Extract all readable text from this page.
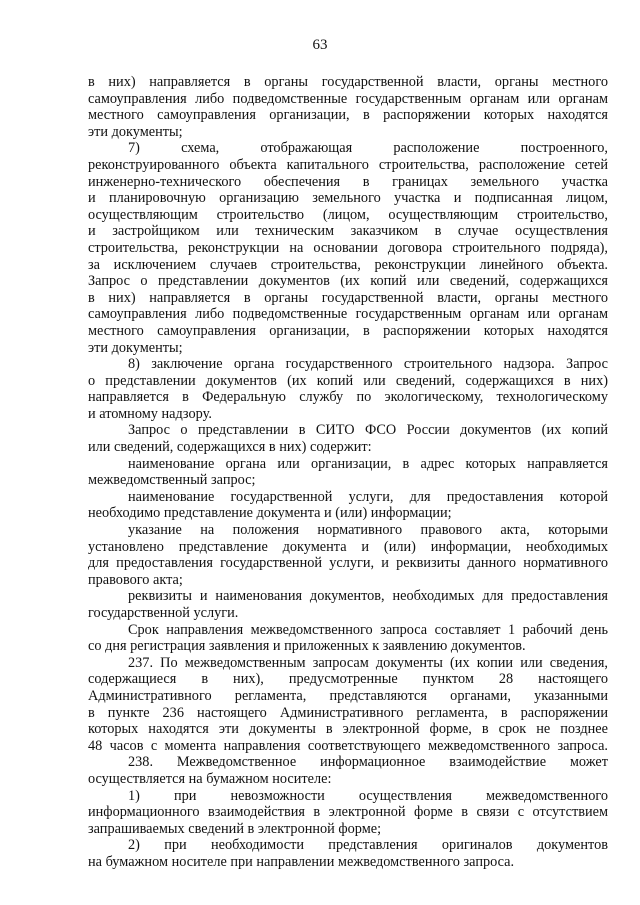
63
в них) направляется в органы государственной власти, органы местного
самоуправления либо подведомственные государственным органам или органам
местного самоуправления организации, в распоряжении которых находятся
эти документы;
7) схема, отображающая расположение построенного,
реконструированного объекта капитального строительства, расположение сетей
инженерно-технического обеспечения в границах земельного участка
и планировочную организацию земельного участка и подписанная лицом,
осуществляющим строительство (лицом, осуществляющим строительство,
и застройщиком или техническим заказчиком в случае осуществления
строительства, реконструкции на основании договора строительного подряда),
за исключением случаев строительства, реконструкции линейного объекта.
Запрос о представлении документов (их копий или сведений, содержащихся
в них) направляется в органы государственной власти, органы местного
самоуправления либо подведомственные государственным органам или органам
местного самоуправления организации, в распоряжении которых находятся
эти документы;
8) заключение органа государственного строительного надзора. Запрос
о представлении документов (их копий или сведений, содержащихся в них)
направляется в Федеральную службу по экологическому, технологическому
и атомному надзору.
Запрос о представлении в СИТО ФСО России документов (их копий
или сведений, содержащихся в них) содержит:
наименование органа или организации, в адрес которых направляется
межведомственный запрос;
наименование государственной услуги, для предоставления которой
необходимо представление документа и (или) информации;
указание на положения нормативного правового акта, которыми
установлено представление документа и (или) информации, необходимых
для предоставления государственной услуги, и реквизиты данного нормативного
правового акта;
реквизиты и наименования документов, необходимых для предоставления
государственной услуги.
Срок направления межведомственного запроса составляет 1 рабочий день
со дня регистрация заявления и приложенных к заявлению документов.
237. По межведомственным запросам документы (их копии или сведения,
содержащиеся в них), предусмотренные пунктом 28 настоящего
Административного регламента, представляются органами, указанными
в пункте 236 настоящего Административного регламента, в распоряжении
которых находятся эти документы в электронной форме, в срок не позднее
48 часов с момента направления соответствующего межведомственного запроса.
238. Межведомственное информационное взаимодействие может
осуществляется на бумажном носителе:
1) при невозможности осуществления межведомственного
информационного взаимодействия в электронной форме в связи с отсутствием
запрашиваемых сведений в электронной форме;
2) при необходимости представления оригиналов документов
на бумажном носителе при направлении межведомственного запроса.
